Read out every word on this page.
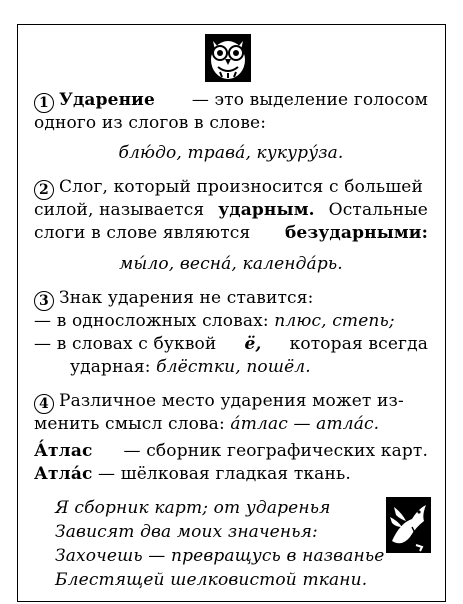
1 Ударение — это выделение голосом
одного из слогов в слове:
блю́до, трава́, кукуру́за.
2 Слог, который произносится с большей
силой, называется ударным. Остальные
слоги в слове являются безударными:
мы́ло, весна́, календа́рь.
3 Знак ударения не ставится:
— в односложных словах: плюс, степь;
— в словах с буквой ё, которая всегда
ударная: блёстки, пошёл.
4 Различное место ударения может из-
менить смысл слова: а́тлас — атла́с.
А́тлас — сборник географических карт.
Атла́с — шёлковая гладкая ткань.
Я сборник карт; от ударенья
Зависят два моих значенья:
Захочешь — превращусь в названье
Блестящей шелковистой ткани.
